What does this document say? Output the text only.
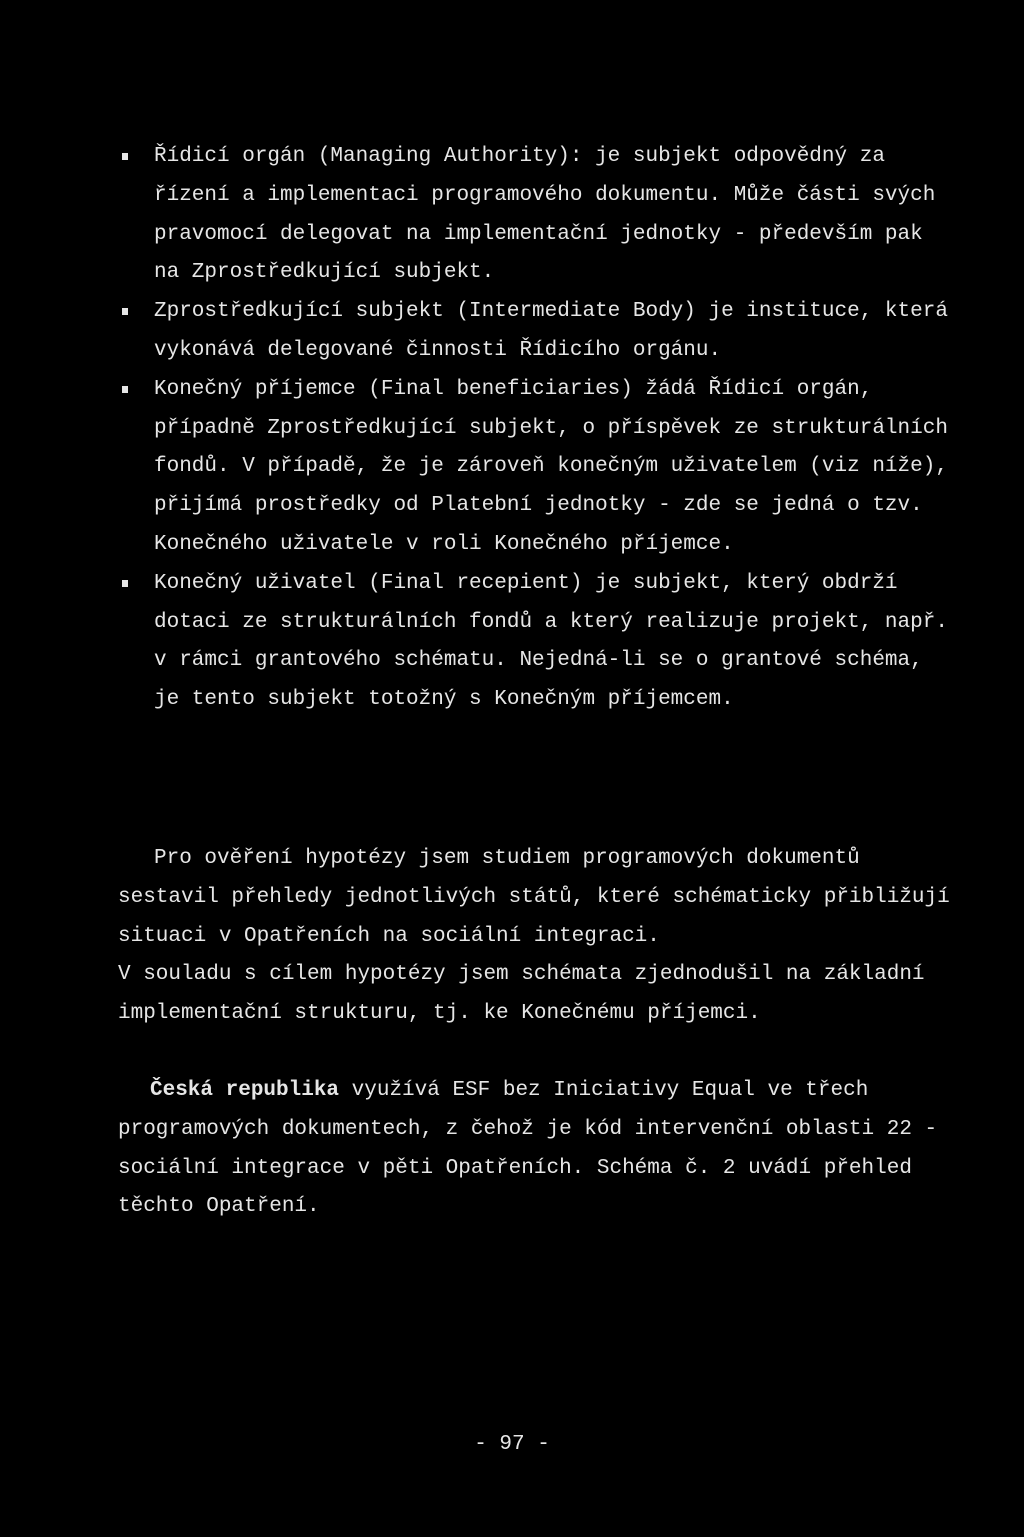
Řídicí orgán (Managing Authority): je subjekt odpovědný za řízení a implementaci programového dokumentu. Může části svých pravomocí delegovat na implementační jednotky - především pak na Zprostředkující subjekt.
Zprostředkující subjekt (Intermediate Body) je instituce, která vykonává delegované činnosti Řídicího orgánu.
Konečný příjemce (Final beneficiaries) žádá Řídicí orgán, případně Zprostředkující subjekt, o příspěvek ze strukturálních fondů. V případě, že je zároveň konečným uživatelem (viz níže), přijímá prostředky od Platební jednotky - zde se jedná o tzv. Konečného uživatele v roli Konečného příjemce.
Konečný uživatel (Final recepient) je subjekt, který obdrží dotaci ze strukturálních fondů a který realizuje projekt, např. v rámci grantového schématu. Nejedná-li se o grantové schéma, je tento subjekt totožný s Konečným příjemcem.

Pro ověření hypotézy jsem studiem programových dokumentů sestavil přehledy jednotlivých států, které schématicky přibližují situaci v Opatřeních na sociální integraci.
V souladu s cílem hypotézy jsem schémata zjednodušil na základní implementační strukturu, tj. ke Konečnému příjemci.

Česká republika využívá ESF bez Iniciativy Equal ve třech programových dokumentech, z čehož je kód intervenční oblasti 22 - sociální integrace v pěti Opatřeních. Schéma č. 2 uvádí přehled těchto Opatření.

- 97 -
